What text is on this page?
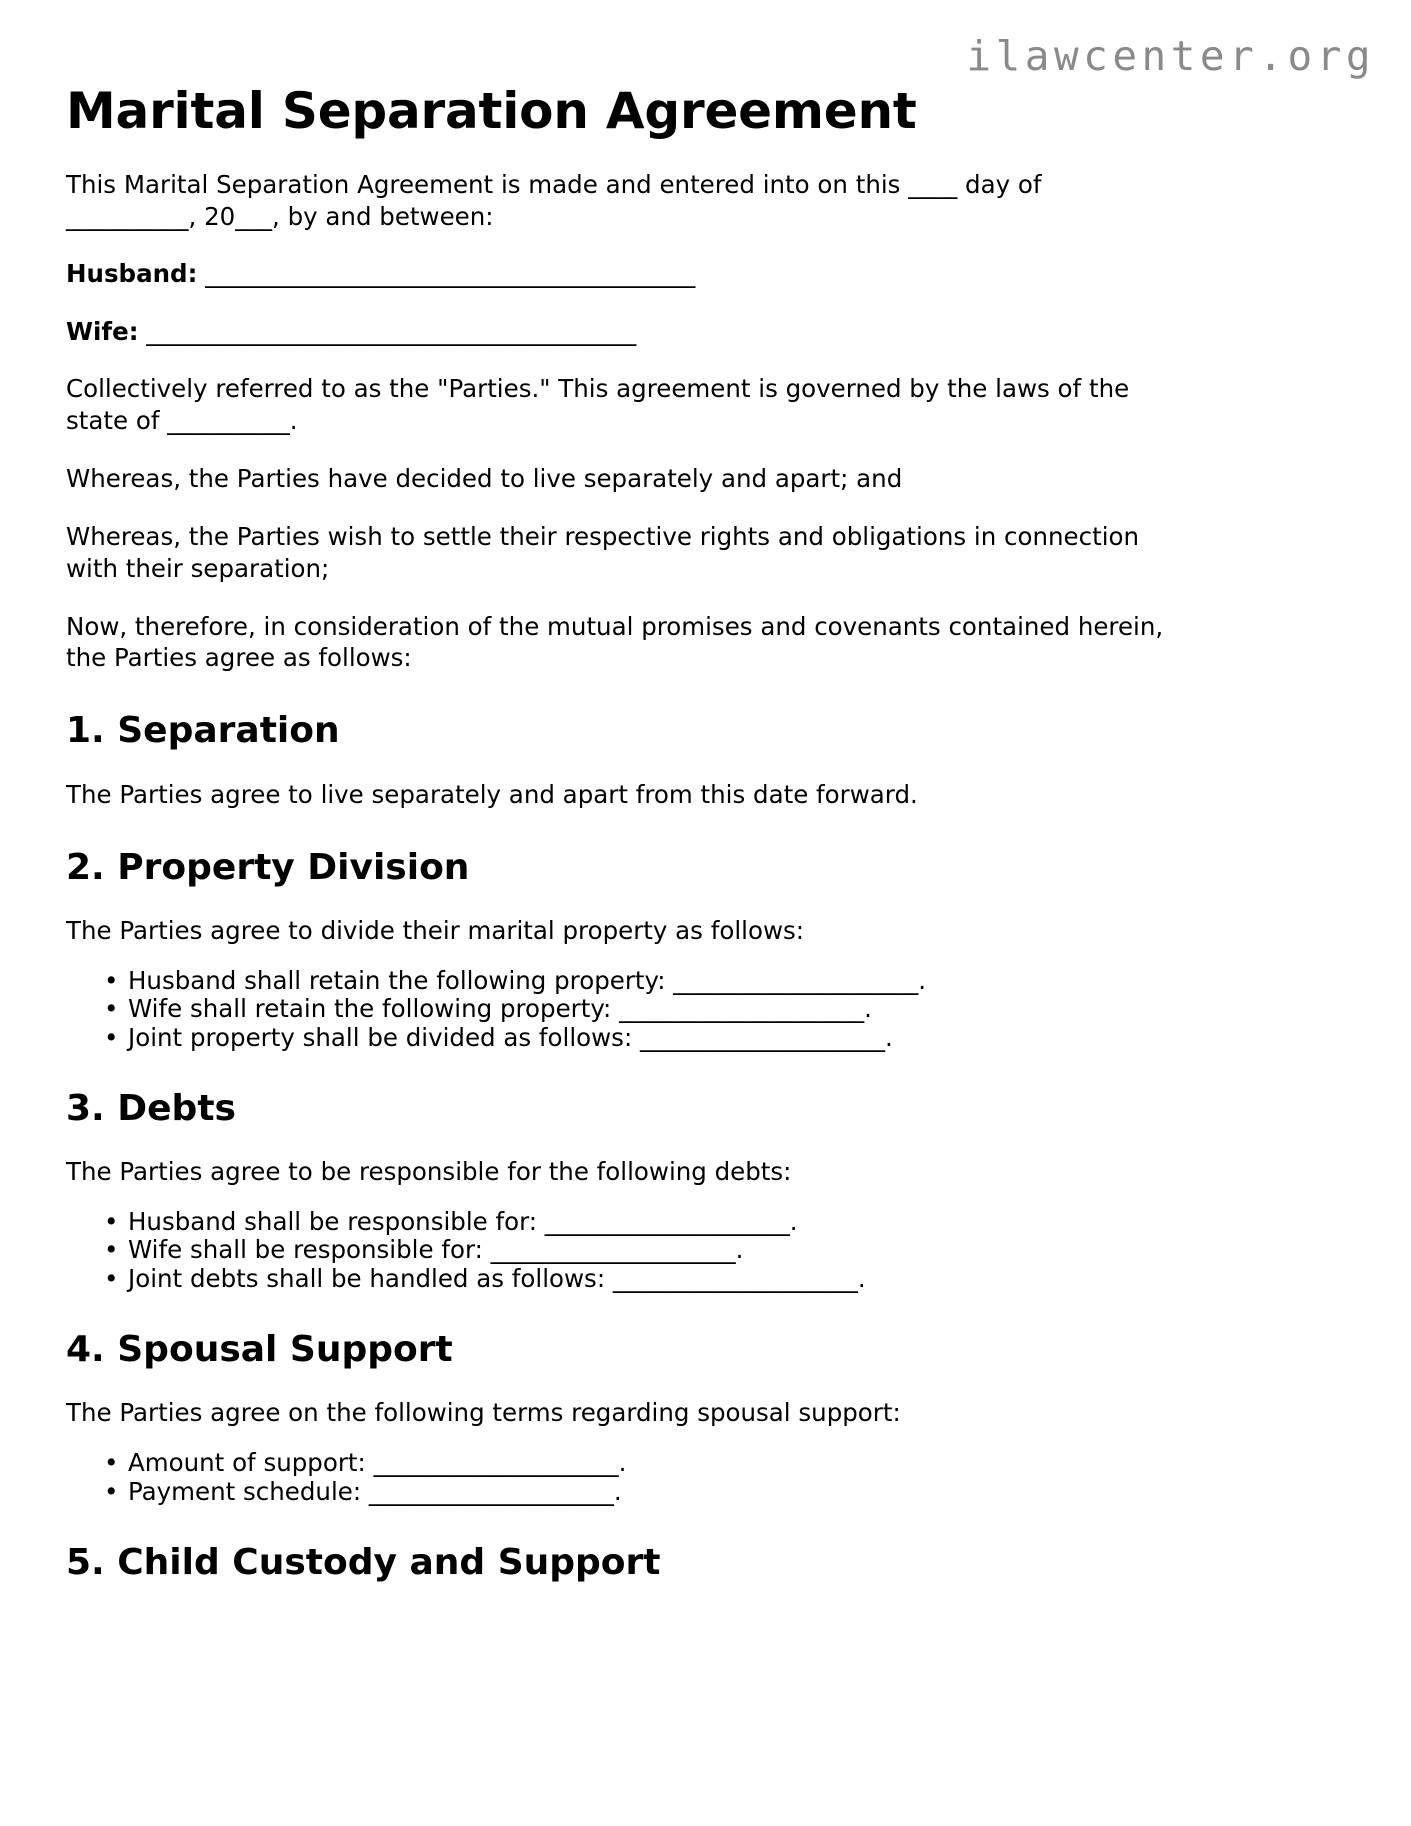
ilawcenter.org
Marital Separation Agreement

This Marital Separation Agreement is made and entered into on this ____ day of __________, 20___, by and between:

Husband: ________________________________________
Wife: ________________________________________

Collectively referred to as the "Parties." This agreement is governed by the laws of the state of __________.

Whereas, the Parties have decided to live separately and apart; and

Whereas, the Parties wish to settle their respective rights and obligations in connection with their separation;

Now, therefore, in consideration of the mutual promises and covenants contained herein, the Parties agree as follows:

1. Separation

The Parties agree to live separately and apart from this date forward.

2. Property Division

The Parties agree to divide their marital property as follows:

• Husband shall retain the following property: ____________________.
• Wife shall retain the following property: ____________________.
• Joint property shall be divided as follows: ____________________.
3. Debts

The Parties agree to be responsible for the following debts:

• Husband shall be responsible for: ____________________.
• Wife shall be responsible for: ____________________.
• Joint debts shall be handled as follows: ____________________.
4. Spousal Support

The Parties agree on the following terms regarding spousal support:

• Amount of support: ____________________.
• Payment schedule: ____________________.
5. Child Custody and Support
